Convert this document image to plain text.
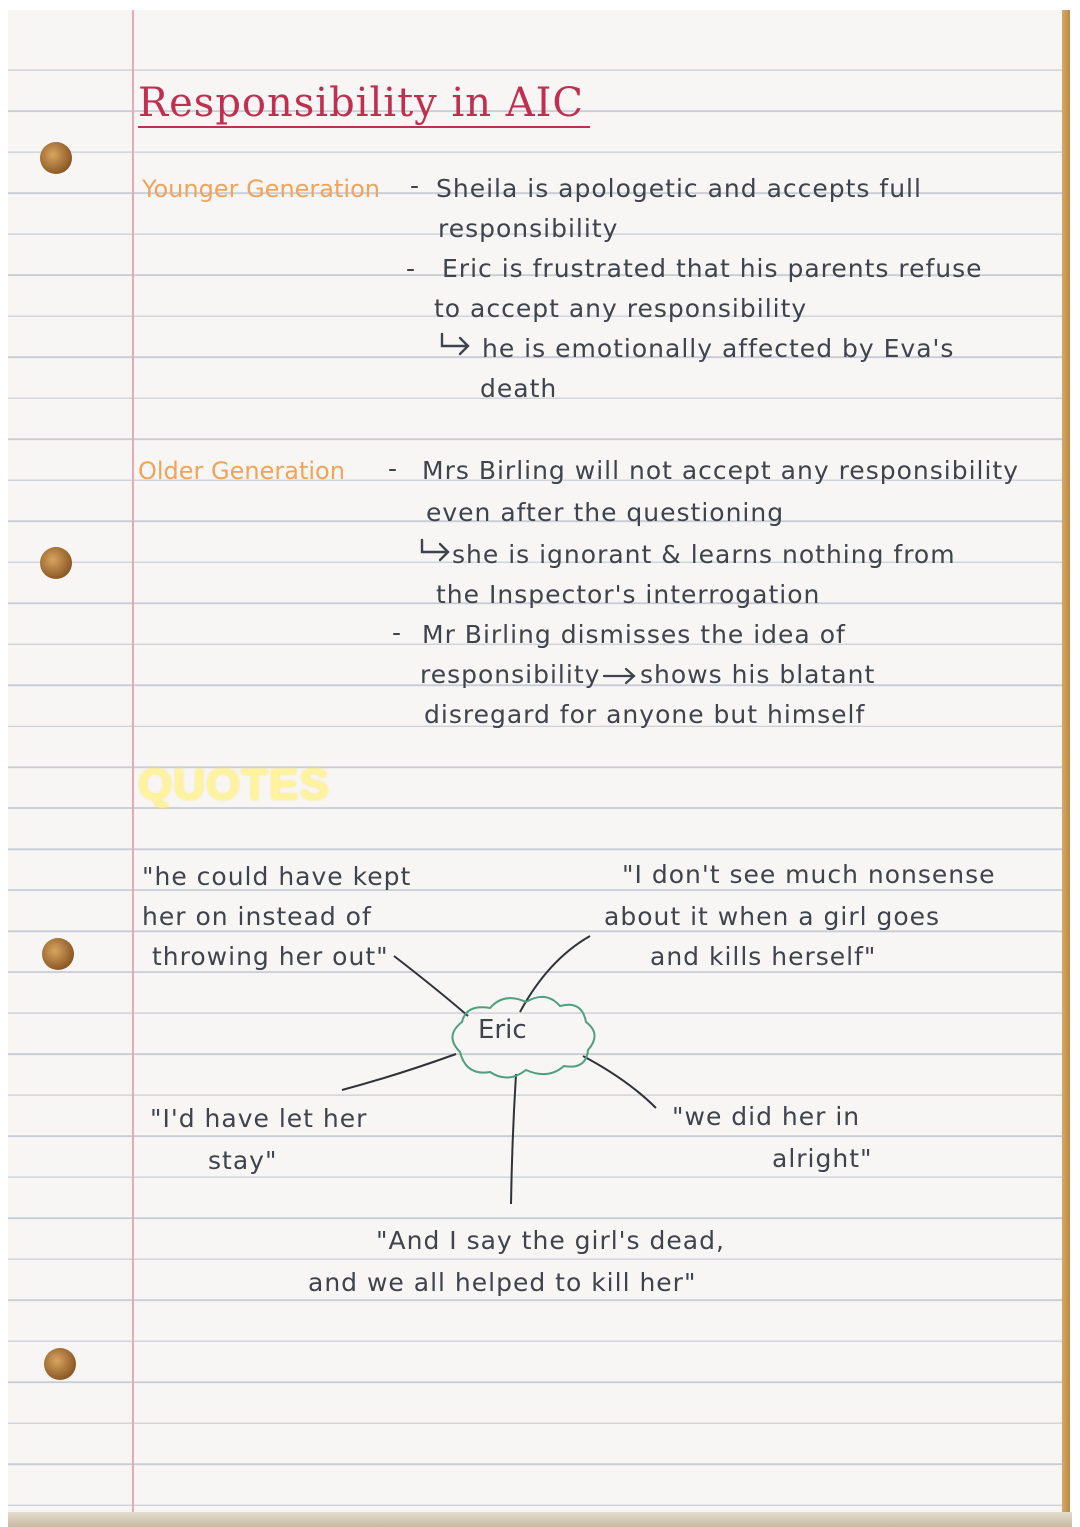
Responsibility in AIC
Younger Generation - Sheila is apologetic and accepts full
responsibility
- Eric is frustrated that his parents refuse
to accept any responsibility
he is emotionally affected by Eva's
death
Older Generation - Mrs Birling will not accept any responsibility
even after the questioning
she is ignorant & learns nothing from
the Inspector's interrogation
- Mr Birling dismisses the idea of
responsibility shows his blatant
disregard for anyone but himself
QUOTES
Eric
"he could have kept
her on instead of
throwing her out"
"I don't see much nonsense
about it when a girl goes
and kills herself"
"I'd have let her
stay"
"we did her in
alright"
"And I say the girl's dead,
and we all helped to kill her"
